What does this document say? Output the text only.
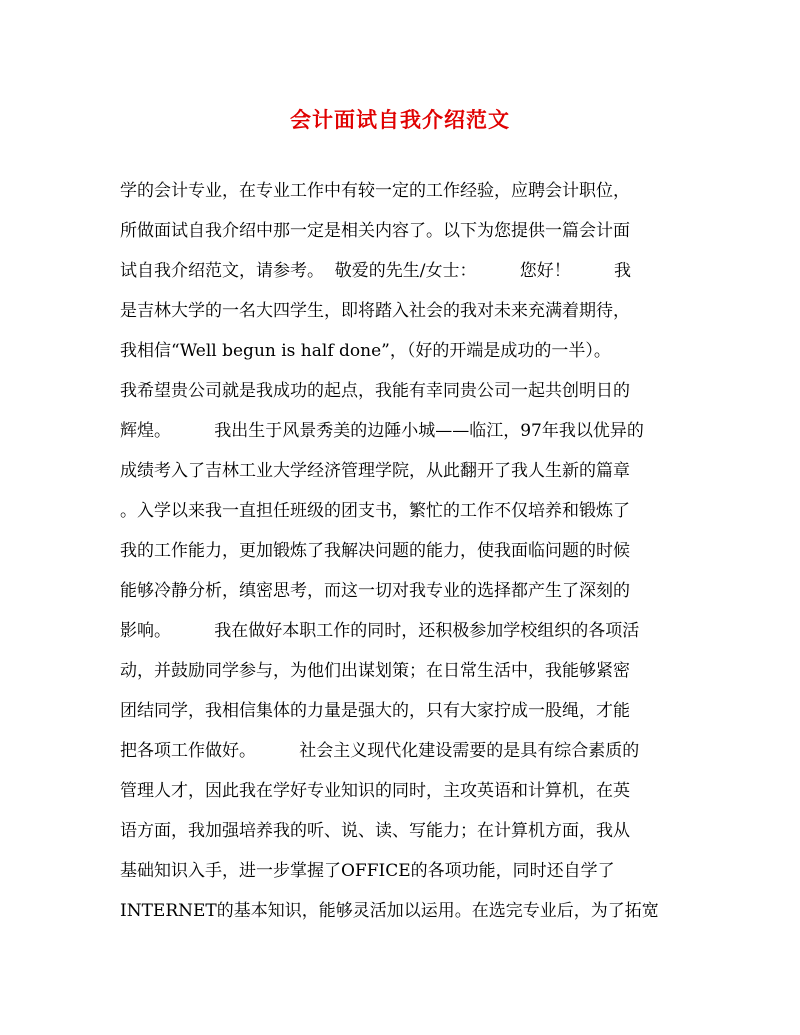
会计面试自我介绍范文
学的会计专业，在专业工作中有较一定的工作经验，应聘会计职位，
所做面试自我介绍中那一定是相关内容了。以下为您提供一篇会计面
试自我介绍范文，请参考。  敬爱的先生/女士：        您好！        我
是吉林大学的一名大四学生，即将踏入社会的我对未来充满着期待，
我相信“Well begun is half done”，（好的开端是成功的一半）。
我希望贵公司就是我成功的起点，我能有幸同贵公司一起共创明日的
辉煌。        我出生于风景秀美的边陲小城——临江，97年我以优异的
成绩考入了吉林工业大学经济管理学院，从此翻开了我人生新的篇章
。入学以来我一直担任班级的团支书，繁忙的工作不仅培养和锻炼了
我的工作能力，更加锻炼了我解决问题的能力，使我面临问题的时候
能够冷静分析，缜密思考，而这一切对我专业的选择都产生了深刻的
影响。        我在做好本职工作的同时，还积极参加学校组织的各项活
动，并鼓励同学参与，为他们出谋划策；在日常生活中，我能够紧密
团结同学，我相信集体的力量是强大的，只有大家拧成一股绳，才能
把各项工作做好。        社会主义现代化建设需要的是具有综合素质的
管理人才，因此我在学好专业知识的同时，主攻英语和计算机，在英
语方面，我加强培养我的听、说、读、写能力；在计算机方面，我从
基础知识入手，进一步掌握了OFFICE的各项功能，同时还自学了
INTERNET的基本知识，能够灵活加以运用。在选完专业后，为了拓宽
